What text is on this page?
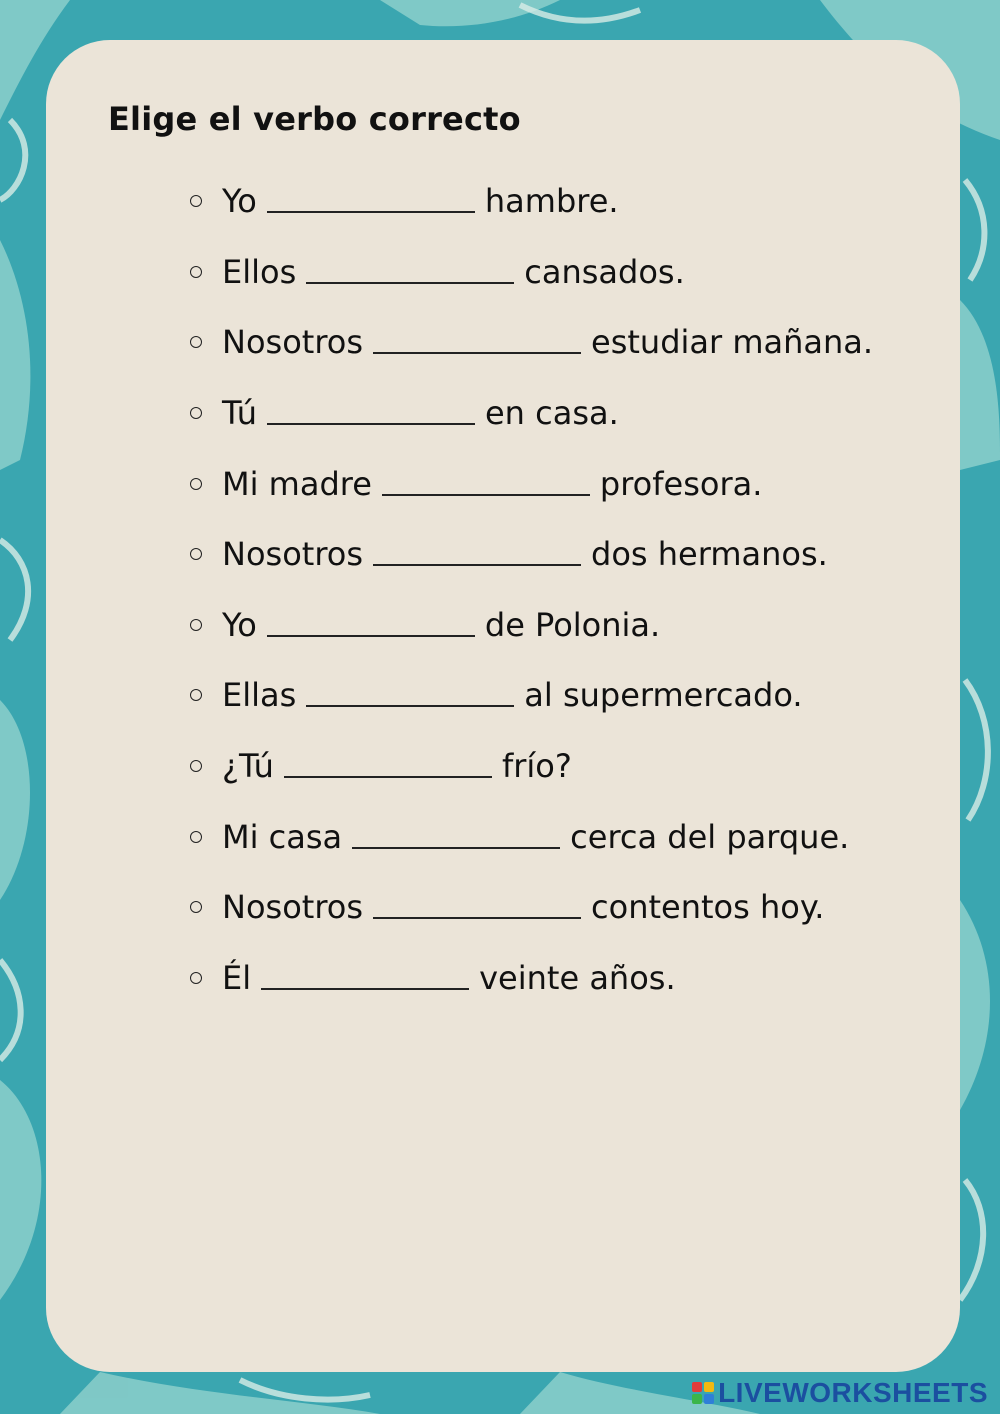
Elige el verbo correcto
Yo	hambre.
Ellos	cansados.
Nosotros	estudiar mañana.
Tú	en casa.
Mi madre	profesora.
Nosotros	dos hermanos.
Yo	de Polonia.
Ellas	al supermercado.
¿Tú	frío?
Mi casa	cerca del parque.
Nosotros	contentos hoy.
Él	veinte años.
LIVEWORKSHEETS
